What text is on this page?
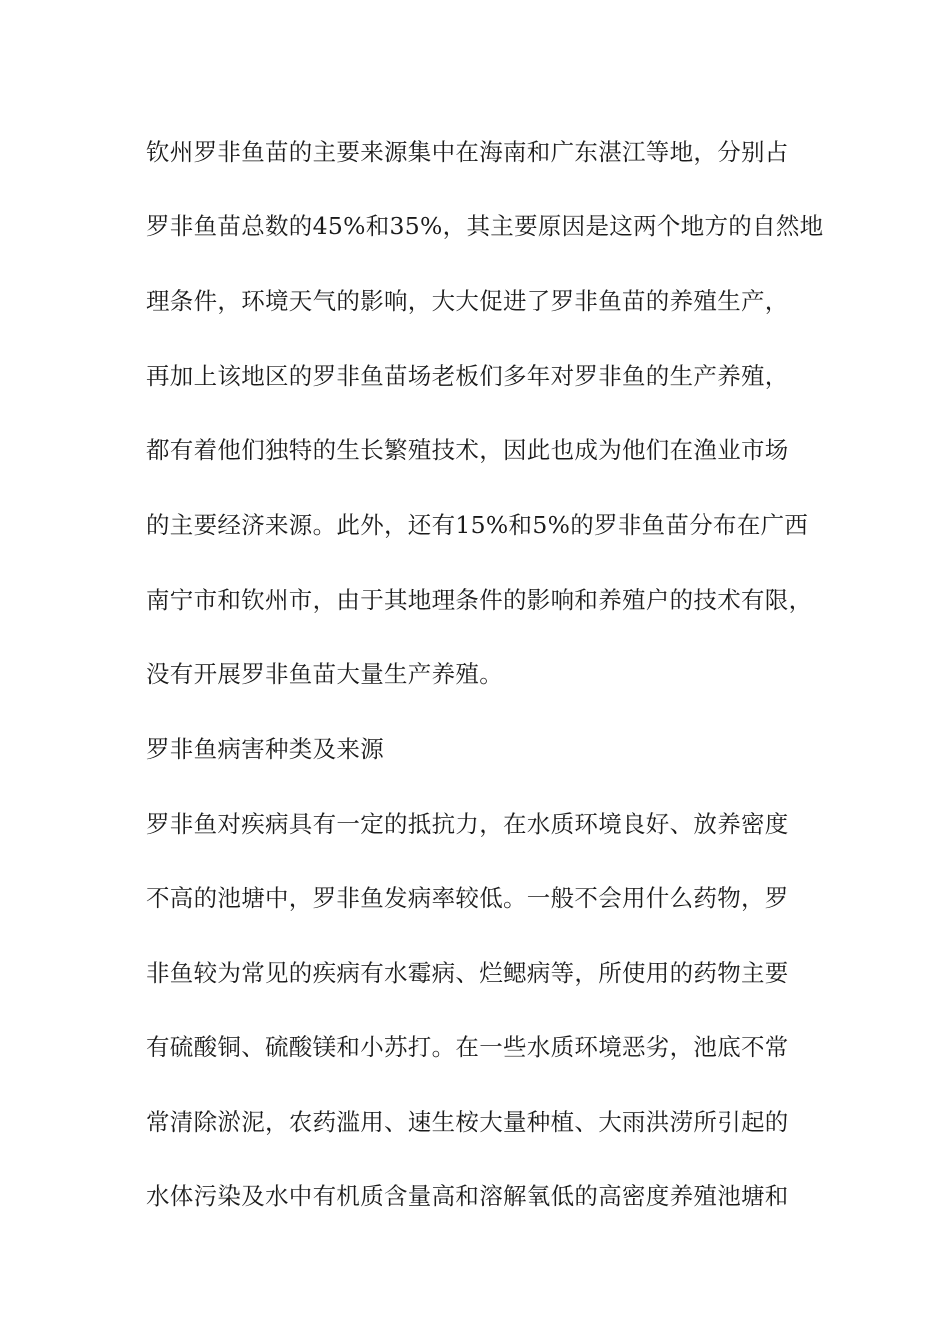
钦州罗非鱼苗的主要来源集中在海南和广东湛江等地，分别占
罗非鱼苗总数的45%和35%，其主要原因是这两个地方的自然地
理条件，环境天气的影响，大大促进了罗非鱼苗的养殖生产，
再加上该地区的罗非鱼苗场老板们多年对罗非鱼的生产养殖，
都有着他们独特的生长繁殖技术，因此也成为他们在渔业市场
的主要经济来源。此外，还有15%和5%的罗非鱼苗分布在广西
南宁市和钦州市，由于其地理条件的影响和养殖户的技术有限，
没有开展罗非鱼苗大量生产养殖。
罗非鱼病害种类及来源
罗非鱼对疾病具有一定的抵抗力，在水质环境良好、放养密度
不高的池塘中，罗非鱼发病率较低。一般不会用什么药物，罗
非鱼较为常见的疾病有水霉病、烂鳃病等，所使用的药物主要
有硫酸铜、硫酸镁和小苏打。在一些水质环境恶劣，池底不常
常清除淤泥，农药滥用、速生桉大量种植、大雨洪涝所引起的
水体污染及水中有机质含量高和溶解氧低的高密度养殖池塘和
